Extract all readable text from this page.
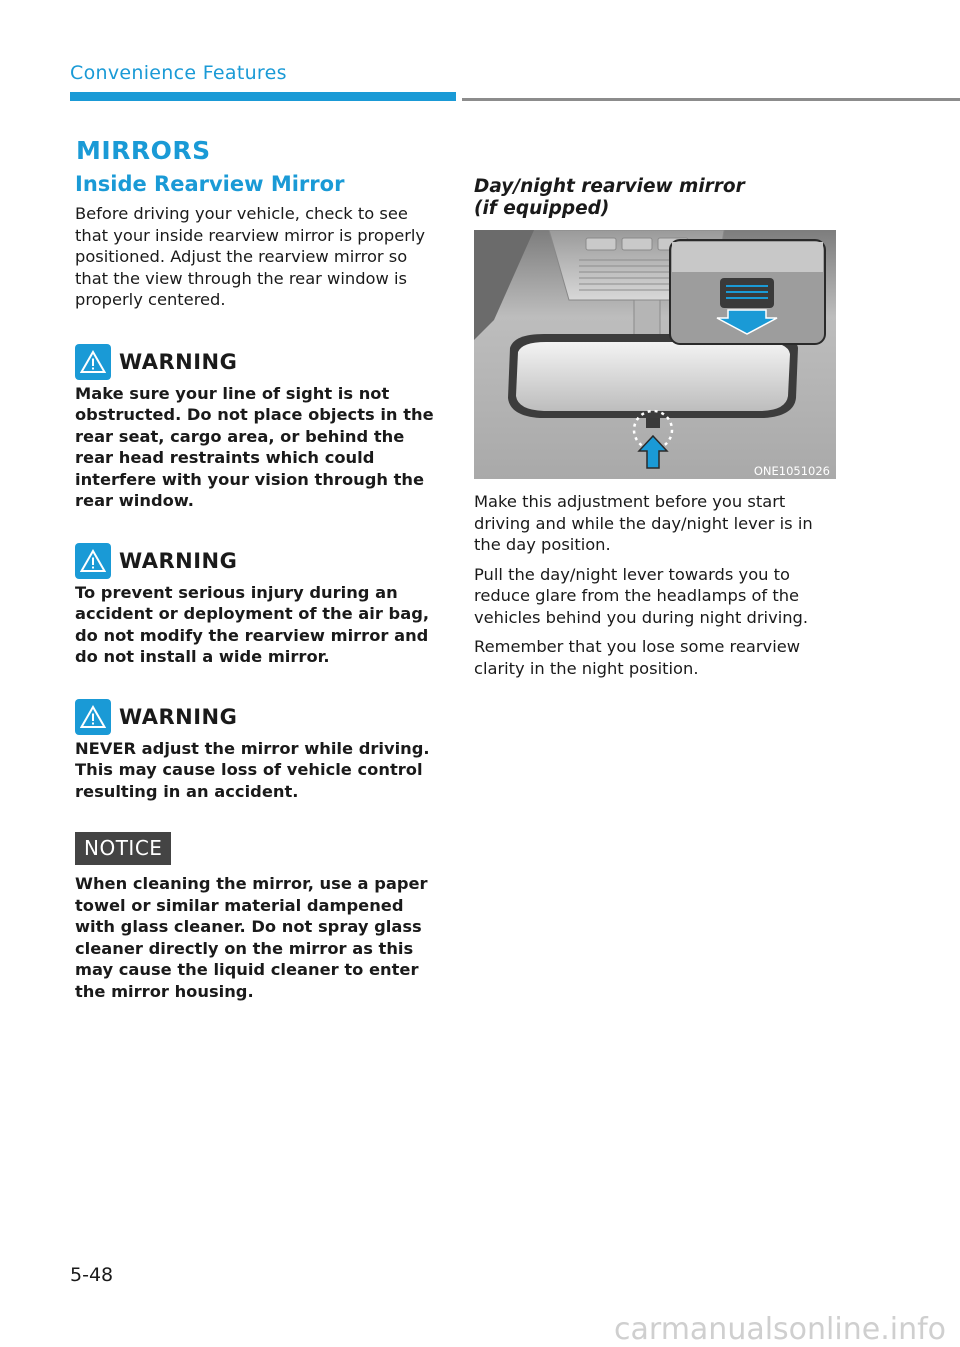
Convenience Features
MIRRORS
Inside Rearview Mirror

Before driving your vehicle, check to see that your inside rearview mirror is properly positioned. Adjust the rearview mirror so that the view through the rear window is properly centered.

WARNING

Make sure your line of sight is not obstructed. Do not place objects in the rear seat, cargo area, or behind the rear head restraints which could interfere with your vision through the rear window.

WARNING

To prevent serious injury during an accident or deployment of the air bag, do not modify the rearview mirror and do not install a wide mirror.

WARNING

NEVER adjust the mirror while driving. This may cause loss of vehicle control resulting in an accident.

NOTICE

When cleaning the mirror, use a paper towel or similar material dampened with glass cleaner. Do not spray glass cleaner directly on the mirror as this may cause the liquid cleaner to enter the mirror housing.

Day/night rearview mirror
(if equipped)

ONE1051026

Make this adjustment before you start driving and while the day/night lever is in the day position.

Pull the day/night lever towards you to reduce glare from the headlamps of the vehicles behind you during night driving.

Remember that you lose some rearview clarity in the night position.

5-48
carmanualsonline.info
